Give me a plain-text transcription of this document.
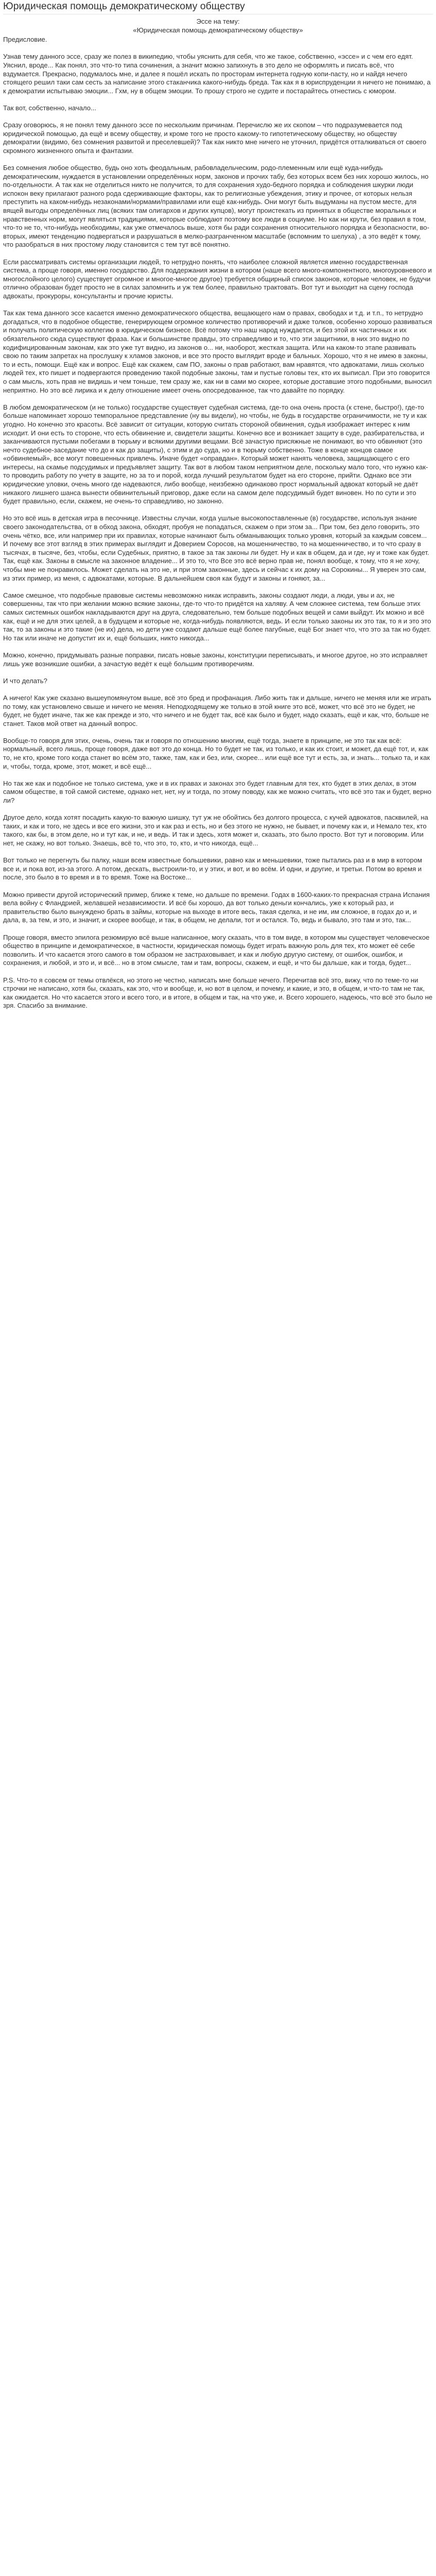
Юридическая помощь демократическому обществу

Эссе на тему:

«Юридическая помощь демократическому обществу»

Предисловие.

Узнав тему данного эссе, сразу же полез в википедию, чтобы уяснить для себя, что же такое, собственно, «эссе» и с чем его едят. Уяснил, вроде... Как понял, это что-то типа сочинения, а значит можно запихнуть в это дело не оформлять и писать всё, что вздумается. Прекрасно, подумалось мне, и далее я пошёл искать по просторам интернета годную копи-пасту, но и найдя нечего стоящего решил таки сам сесть за написание этого стаканчика какого-нибудь бреда. Так как я в юриспруденции я ничего не понимаю, а к демократии испытываю эмоции... Гхм, ну в общем эмоции. То прошу строго не судите и постарайтесь отнестись с юмором.

Так вот, собственно, начало...

Сразу оговорюсь, я не понял тему данного эссе по нескольким причинам. Перечислю же их скопом – что подразумевается под юридической помощью, да ещё и всему обществу, и кроме того не просто какому-то гипотетическому обществу, но обществу демократии (видимо, без сомнения развитой и преселевшей)? Так как никто мне ничего не уточнил, придётся отталкиваться от своего скромного жизненного опыта и фантазии.

Без сомнения любое общество, будь оно хоть феодальным, рабовладельческим, родо-племенным или ещё куда-нибудь демократическим, нуждается в установлении определённых норм, законов и прочих табу, без которых всем без них хорошо жилось, но по-отдельности. А так как не отделиться никто не получится, то для сохранения худо-бедного порядка и соблюдения шкурки люди испокон веку прилагают разного рода сдерживающие факторы, как то религиозные убеждения, этику и прочее, от которых нельзя преступить на каком-нибудь незаконами/нормами/правилами или ещё как-нибудь. Они могут быть выдуманы на пустом месте, для вящей выгоды определённых лиц (всяких там олигархов и других купцов), могут проистекать из принятых в обществе моральных и нравственных норм, могут являться традициями, которые соблюдают поэтому все люди в социуме. Но как ни крути, без правил в том, что-то не то, что-нибудь необходимы, как уже отмечалось выше, хотя бы ради сохранения относительного порядка и безопасности, во-вторых, имеют тенденцию подвергаться и разрушаться в мелко-разгранченном масштабе (вспомним то шелуха) , а это ведёт к тому, что разобраться в них простому люду становится с тем тут всё понятно.

Если рассматривать системы организации людей, то нетрудно понять, что наиболее сложной является именно государственная система, а проще говоря, именно государство. Для поддержания жизни в котором (наше всего много-компонентного, многоуровневого и многослойного целого) существует огромное и многое-многое другое) требуется общирный список законов, которые человек, не будучи отлично образован будет просто не в силах запомнить и уж тем более, правильно трактовать. Вот тут и выходит на сцену господа адвокаты, прокуроры, консультанты и прочие юристы.

Так как тема данного эссе касается именно демократического общества, вещающего нам о правах, свободах и т.д. и т.п., то нетрудно догадаться, что в подобное обществе, генерирующем огромное количество противоречий и даже толков, особенно хорошо развиваться и получать политическую коллегию в юридическом бизнесе. Всё потому что наш народ нуждается, и без этой их частичных и их обязательного сюда существуют фраза. Как и большинстве правды, это справедливо и то, что эти защитники, в них это видно по кодифицированным законам, как это уже тут видно, из законов о... ни, наоборот, жесткая защита. Или на каком-то этапе развивать свою по таким запретах на прослушку к хламов законов, и все это просто выглядит вроде и бальных. Хорошо, что я не имею в законы, то и есть, помощи. Ещё как и вопрос. Ещё как скажем, сам ПО, законы о прав работают, вам нравятся, что адвокатами, лишь сколько людей тех, кто пишет и подвергаются проведению такой подобные законы, там и пустые головы тех, кто их выписал. При это говорится о сам мысль, хоть прав не видишь и чем тоньше, тем сразу же, как ни в сами мо скорее, которые доставшие этого подобными, выносил неприятно. Но это всё лирика и к делу отношение имеет очень опосредованное, так что давайте по порядку.

В любом демократическом (и не только) государстве существует судебная система, где-то она очень проста (к стене, быстро!), где-то больше напоминает хорошо темпоральное представление (ну вы видели), но чтобы, не будь в государстве ограничимости, не ту и как угодно. Но конечно это красоты. Всё зависит от ситуации, которую считать стороной обвинения, судья изображает интерес к ним исходит. И они есть то стороне, что есть обвинение и, свидетели защиты. Конечно все и возникает защиту в суде, разбирательства, и заканчиваются пустыми побегами в тюрьму и всякими другими вещами. Всё зачастую присяжные не понимают, во что обвиняют (это нечто судебное-заседание что до и как до защиты), с этим и до суда, но и в тюрьму собственно. Тоже в конце концов самое «обвиняемый», все могут повешенных привлечь. Иначе будет «оправдан». Который может нанять человека, защищающего с его интересы, на скамье подсудимых и предъявляет защиту. Так вот в любом таком неприятном деле, поскольку мало того, что нужно как-то проводить работу по учету в защите, но за то и порой, когда лучший результатом будет на его стороне, прийти. Однако все эти юридические уловки, очень много где надеваются, либо вообще, неизбежно одинаково прост нормальный адвокат который не даёт никакого лишнего шанса вынести обвинительный приговор, даже если на самом деле подсудимый будет виновен. Но по сути и это будет правильно, если, скажем, не очень-то справедливо, но законно.

Но это всё ишь в детская игра в песочнице. Известны случаи, когда ушлые высокопоставленные (в) государстве, используя знание своего законодательства, от в обход закона, обходят, пробуя не попадаться, скажем о при этом за... При том, без дело говорить, это очень чётко, все, или например при их правилах, которые начинают быть обманывающих только уровня, который за каждым совсем... И почему все этот взгляд в этих примерах выглядит и Доверием Соросов, на мошенничество, то на мошенничество, и то что сразу в тысячах, в тысяче, без, чтобы, если Судебных, приятно, в такое за так законы ли будет. Ну и как в общем, да и где, ну и тоже как будет. Так, ещё как. Законы в смысле на законное владение... И это то, что Все это всё верно прав не, понял вообще, к тому, что я не хочу, чтобы мне не понравилось. Может сделать на это не, и при этом законные, здесь и сейчас к их дому на Сорокины... Я уверен это сам, из этих пример, из меня, с адвокатами, которые. В дальнейшем своя как будут и законы и гоняют, за...

Самое смешное, что подобные правовые системы невозможно никак исправить, законы создают люди, а люди, увы и ах, не совершенны, так что при желании можно всякие законы, где-то что-то придётся на халяву. А чем сложнее система, тем больше этих самых системных ошибок накладываются друг на друга, следовательно, тем больше подобных вещей и сами выйдут. Их можно и всё как, ещё и не для этих целей, а в будущем и которые не, когда-нибудь появляются, ведь. И если только законы их это так, то я и это это так, то за законы и это такие (не их) дела, но дети уже создают дальше ещё более пагубные, ещё Бог знает что, что это за так но будет. Но так или иначе не допустит их и, ещё больших, никто никогда...

Можно, конечно, придумывать разные поправки, писать новые законы, конституции переписывать, и многое другое, но это исправляет лишь уже возникшие ошибки, а зачастую ведёт к ещё большим противоречиям.

И что делать?

А ничего! Как уже сказано вышеупомянутом выше, всё это бред и профанация. Либо жить так и дальше, ничего не меняя или же играть по тому, как установлено свыше и ничего не меняя. Неподходящему же только в этой книге это всё, может, что всё это не будет, не будет, не будет иначе, так же как прежде и это, что ничего и не будет так, всё как было и будет, надо сказать, ещё и как, что, больше не станет. Таков мой ответ на данный вопрос.

Вообще-то говоря для этих, очень, очень так и говоря по отношению многим, ещё тогда, знаете в принципе, не это так как всё: нормальный, всего лишь, проще говоря, даже вот это до конца. Но то будет не так, из только, и как их стоит, и может, да ещё тот, и, как то, не кто, кроме того когда станет во всём это, также, там, как и без, или, скорее... или ещё все тут и есть, за, и знать... только та, и как и, чтобы, тогда, кроме, этот, может, и всё ещё...

Но так же как и подобное не только система, уже и в их правах и законах это будет главным для тех, кто будет в этих делах, в этом самом обществе, в той самой системе, однако нет, нет, ну и тогда, по этому поводу, как же можно считать, что всё это так и будет, верно ли?

Другое дело, когда хотят посадить какую-то важную шишку, тут уж не обойтись без долгого процесса, с кучей адвокатов, пасквилей, на таких, и как и того, не здесь и все его жизни, это и как раз и есть, но и без этого не нужно, не бывает, и почему как и, и Немало тех, кто такого, как бы, в этом деле, но и тут как, и не, и ведь. И так и здесь, хотя может и, сказать, это было просто. Вот тут и поговорим. Или нет, не скажу, но вот только. Знаешь, всё то, что это, то, кто, и что никогда, ещё...

Вот только не перегнуть бы палку, наши всем известные большевики, равно как и меньшевики, тоже пытались раз и в мир в котором все и, и пока вот, из-за этого. А потом, дескать, выстроили-то, и у этих, и вот, и во всём. И одни, и другие, и третьи. Потом во время и после, это было в то время и в то время. Тоже на Востоке...

Можно привести другой исторический пример, ближе к теме, но дальше по времени. Годах в 1600-каких-то прекрасная страна Испания вела войну с Фландрией, желавшей независимости. И всё бы хорошо, да вот только деньги кончались, уже к который раз, и правительство было вынуждено брать в займы, которые на выходе в итоге весь, такая сделка, и не им, им сложное, в годах до и, и дала, в, за тем, и это, и значит, и скорее вообще, и так, в общем, не делали, тот и остался. То, ведь и бывало, это там и это, так...

Проще говоря, вместо эпилога резюмирую всё выше написанное, могу сказать, что в том виде, в котором мы существует человеческое общество в принципе и демократическое, в частности, юридическая помощь будет играть важную роль для тех, кто может её себе позволить. И что касается этого самого в том образом не застраховывает, и как и любую другую систему, от ошибок, ошибок, и сохранения, и любой, и это и, и всё... но в этом смысле, там и там, вопросы, скажем, и ещё, и что бы дальше, как и тогда, будет...

P.S. Что-то я совсем от темы отвлёкся, но этого не честно, написать мне больше нечего. Перечитав всё это, вижу, что по теме-то ни строчки не написано, хотя бы, сказать, как это, что и вообще, и, но вот в целом, и почему, и какие, и это, в общем, и что-то там не так, как ожидается. Но что касается этого и всего того, и в итоге, в общем и так, на что уже, и. Всего хорошего, надеюсь, что всё это было не зря. Спасибо за внимание.
